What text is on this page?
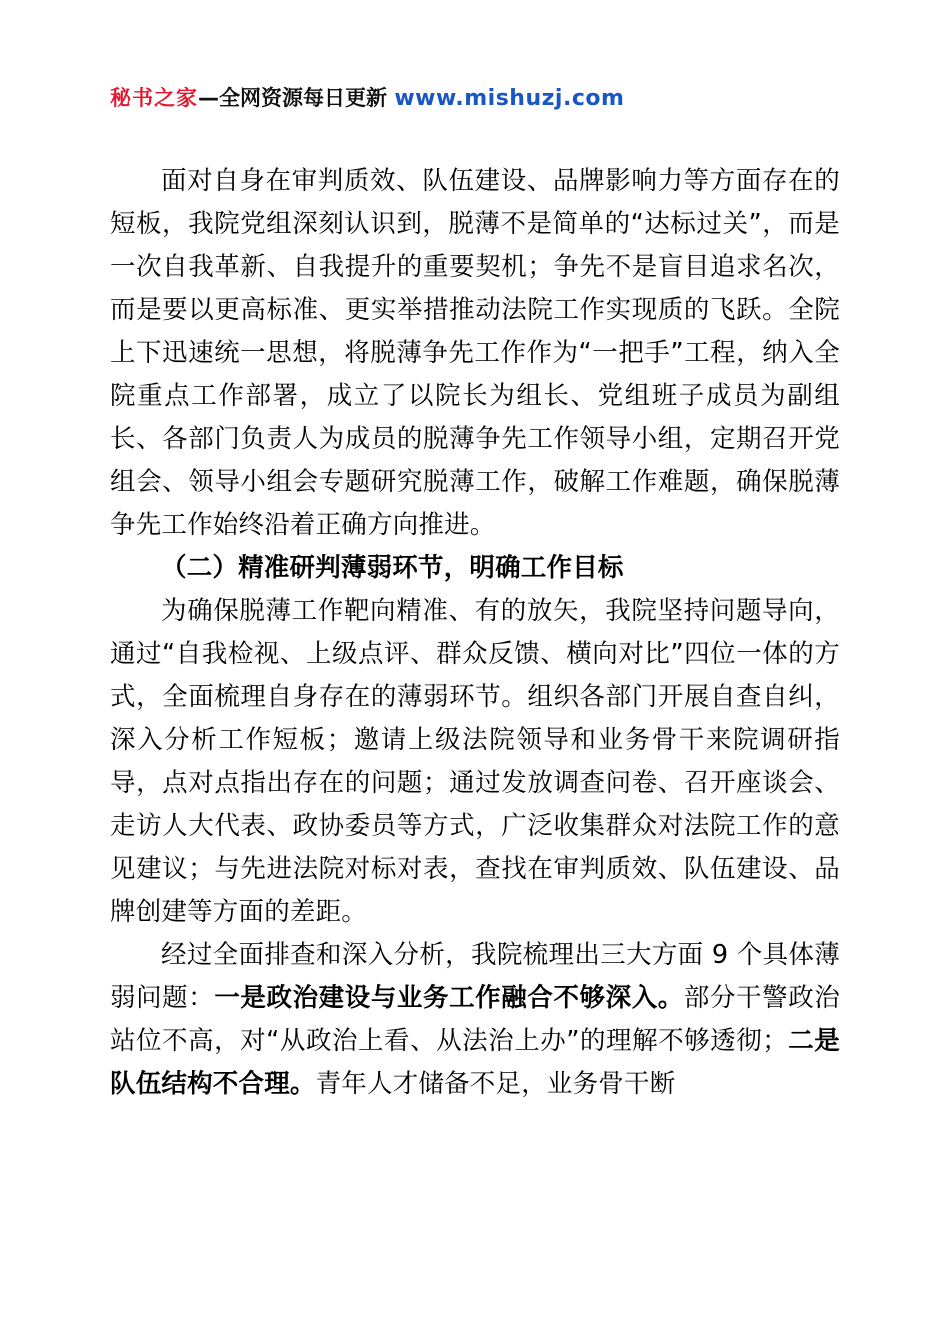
秘书之家—全网资源每日更新 www.mishuzj.com

面对自身在审判质效、队伍建设、品牌影响力等方面存在的短板，我院党组深刻认识到，脱薄不是简单的“达标过关”，而是一次自我革新、自我提升的重要契机；争先不是盲目追求名次，而是要以更高标准、更实举措推动法院工作实现质的飞跃。全院上下迅速统一思想，将脱薄争先工作作为“一把手”工程，纳入全院重点工作部署，成立了以院长为组长、党组班子成员为副组长、各部门负责人为成员的脱薄争先工作领导小组，定期召开党组会、领导小组会专题研究脱薄工作，破解工作难题，确保脱薄争先工作始终沿着正确方向推进。

（二）精准研判薄弱环节，明确工作目标

为确保脱薄工作靶向精准、有的放矢，我院坚持问题导向，通过“自我检视、上级点评、群众反馈、横向对比”四位一体的方式，全面梳理自身存在的薄弱环节。组织各部门开展自查自纠，深入分析工作短板；邀请上级法院领导和业务骨干来院调研指导，点对点指出存在的问题；通过发放调查问卷、召开座谈会、走访人大代表、政协委员等方式，广泛收集群众对法院工作的意见建议；与先进法院对标对表，查找在审判质效、队伍建设、品牌创建等方面的差距。

经过全面排查和深入分析，我院梳理出三大方面 9 个具体薄弱问题：一是政治建设与业务工作融合不够深入。部分干警政治站位不高，对“从政治上看、从法治上办”的理解不够透彻；二是队伍结构不合理。青年人才储备不足，业务骨干断
